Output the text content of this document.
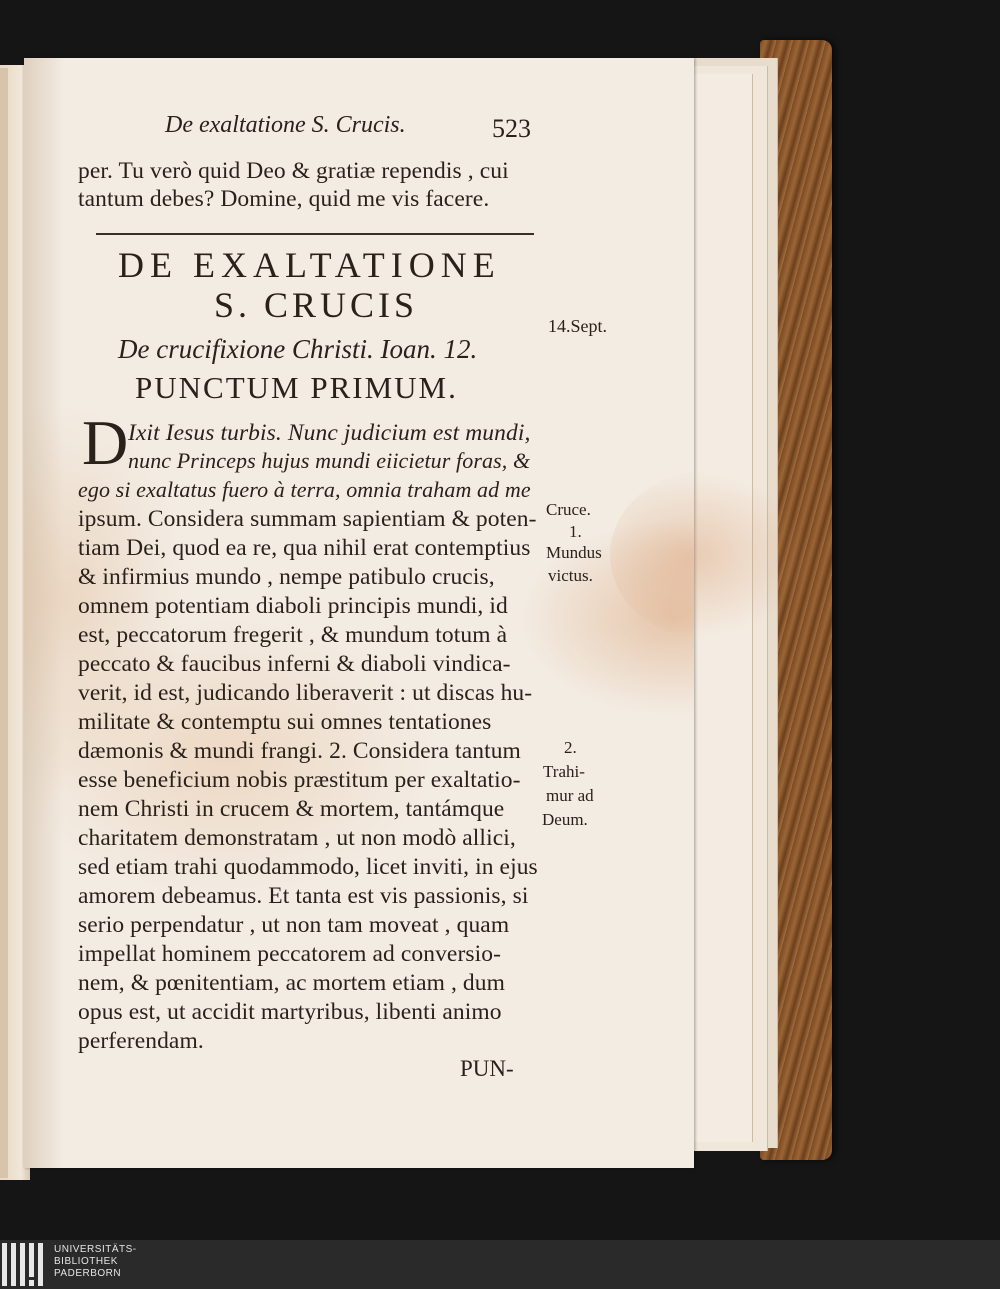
De exaltatione S. Crucis.	523
per. Tu verò quid Deo & gratiæ rependis , cui
tantum debes? Domine, quid me vis facere.
DE EXALTATIONE
S. CRUCIS
De crucifixione Christi. Ioan. 12.
PUNCTUM PRIMUM.
D Ixit Iesus turbis. Nunc judicium est mundi,
nunc Princeps hujus mundi eiicietur foras, &
ego si exaltatus fuero à terra, omnia traham ad me
ipsum. Considera summam sapientiam & poten-
tiam Dei, quod ea re, qua nihil erat contemptius
& infirmius mundo , nempe patibulo crucis,
omnem potentiam diaboli principis mundi, id
est, peccatorum fregerit , & mundum totum à
peccato & faucibus inferni & diaboli vindica-
verit, id est, judicando liberaverit : ut discas hu-
militate & contemptu sui omnes tentationes
dæmonis & mundi frangi. 2. Considera tantum
esse beneficium nobis præstitum per exaltatio-
nem Christi in crucem & mortem, tantámque
charitatem demonstratam , ut non modò allici,
sed etiam trahi quodammodo, licet inviti, in ejus
amorem debeamus. Et tanta est vis passionis, si
serio perpendatur , ut non tam moveat , quam
impellat hominem peccatorem ad conversio-
nem, & pœnitentiam, ac mortem etiam , dum
opus est, ut accidit martyribus, libenti animo
perferendam.
PUN-
14.Sept.
Cruce.
1.
Mundus
victus.
2.
Trahi-
mur ad
Deum.
UNIVERSITÄTS-
BIBLIOTHEK
PADERBORN
